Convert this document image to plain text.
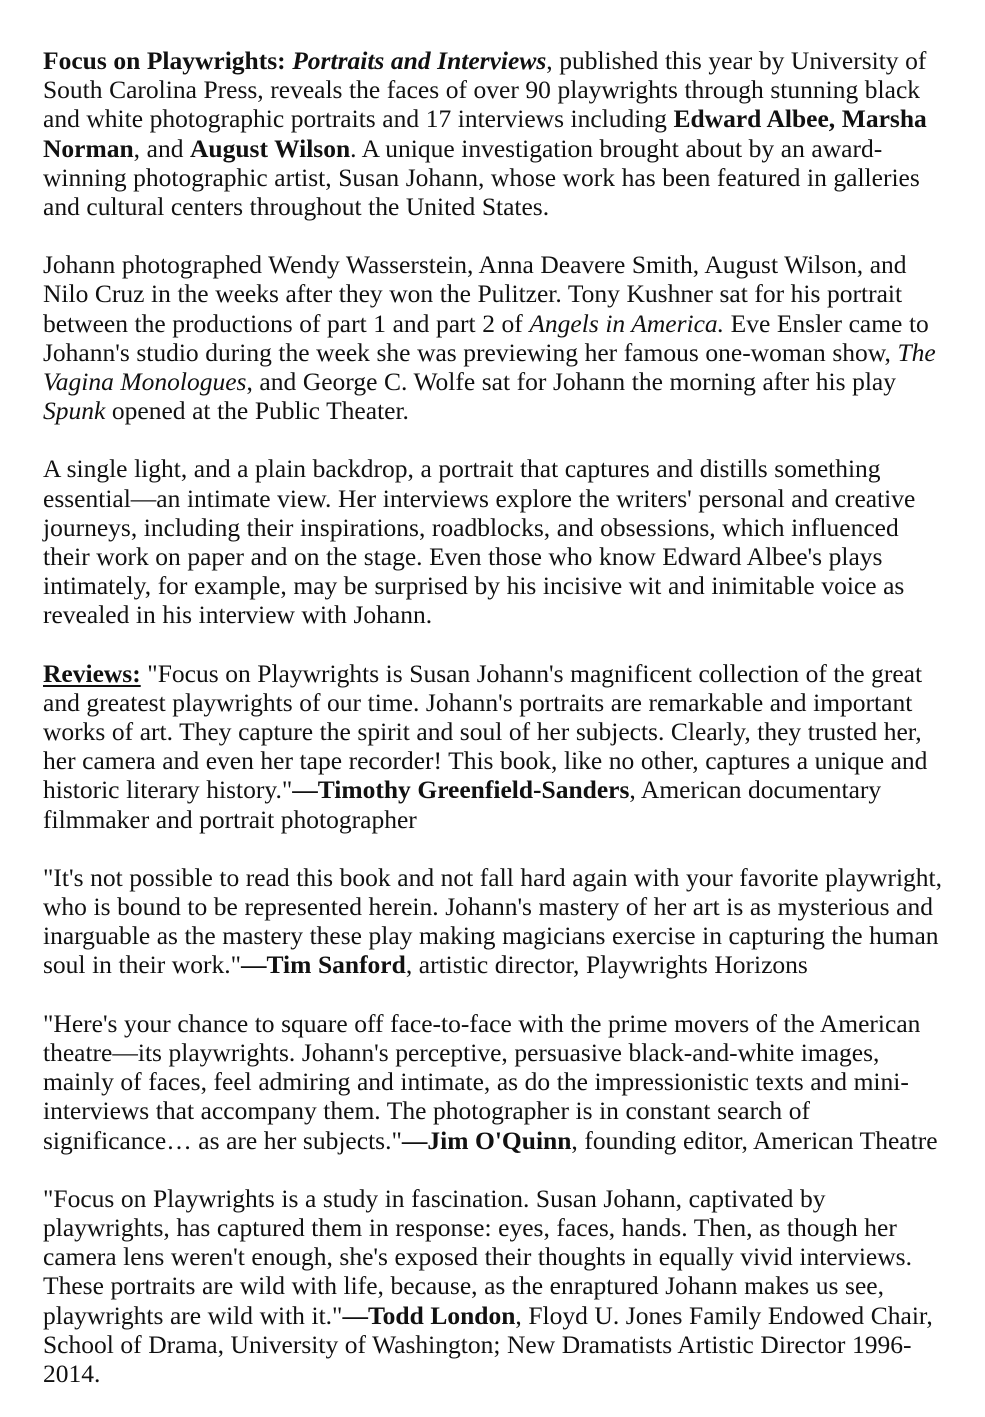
Focus on Playwrights: Portraits and Interviews, published this year by University of South Carolina Press, reveals the faces of over 90 playwrights through stunning black and white photographic portraits and 17 interviews including Edward Albee, Marsha Norman, and August Wilson. A unique investigation brought about by an award-winning photographic artist, Susan Johann, whose work has been featured in galleries and cultural centers throughout the United States.

Johann photographed Wendy Wasserstein, Anna Deavere Smith, August Wilson, and Nilo Cruz in the weeks after they won the Pulitzer. Tony Kushner sat for his portrait between the productions of part 1 and part 2 of Angels in America. Eve Ensler came to Johann's studio during the week she was previewing her famous one-woman show, The Vagina Monologues, and George C. Wolfe sat for Johann the morning after his play Spunk opened at the Public Theater.

A single light, and a plain backdrop, a portrait that captures and distills something essential—an intimate view. Her interviews explore the writers' personal and creative journeys, including their inspirations, roadblocks, and obsessions, which influenced their work on paper and on the stage. Even those who know Edward Albee's plays intimately, for example, may be surprised by his incisive wit and inimitable voice as revealed in his interview with Johann.

Reviews: "Focus on Playwrights is Susan Johann's magnificent collection of the great and greatest playwrights of our time. Johann's portraits are remarkable and important works of art. They capture the spirit and soul of her subjects. Clearly, they trusted her, her camera and even her tape recorder! This book, like no other, captures a unique and historic literary history."—Timothy Greenfield-Sanders, American documentary filmmaker and portrait photographer

"It's not possible to read this book and not fall hard again with your favorite playwright, who is bound to be represented herein. Johann's mastery of her art is as mysterious and inarguable as the mastery these play making magicians exercise in capturing the human soul in their work."—Tim Sanford, artistic director, Playwrights Horizons

"Here's your chance to square off face-to-face with the prime movers of the American theatre—its playwrights. Johann's perceptive, persuasive black-and-white images, mainly of faces, feel admiring and intimate, as do the impressionistic texts and mini-interviews that accompany them. The photographer is in constant search of significance… as are her subjects."—Jim O'Quinn, founding editor, American Theatre

"Focus on Playwrights is a study in fascination. Susan Johann, captivated by playwrights, has captured them in response: eyes, faces, hands. Then, as though her camera lens weren't enough, she's exposed their thoughts in equally vivid interviews. These portraits are wild with life, because, as the enraptured Johann makes us see, playwrights are wild with it."—Todd London, Floyd U. Jones Family Endowed Chair, School of Drama, University of Washington; New Dramatists Artistic Director 1996-2014.
